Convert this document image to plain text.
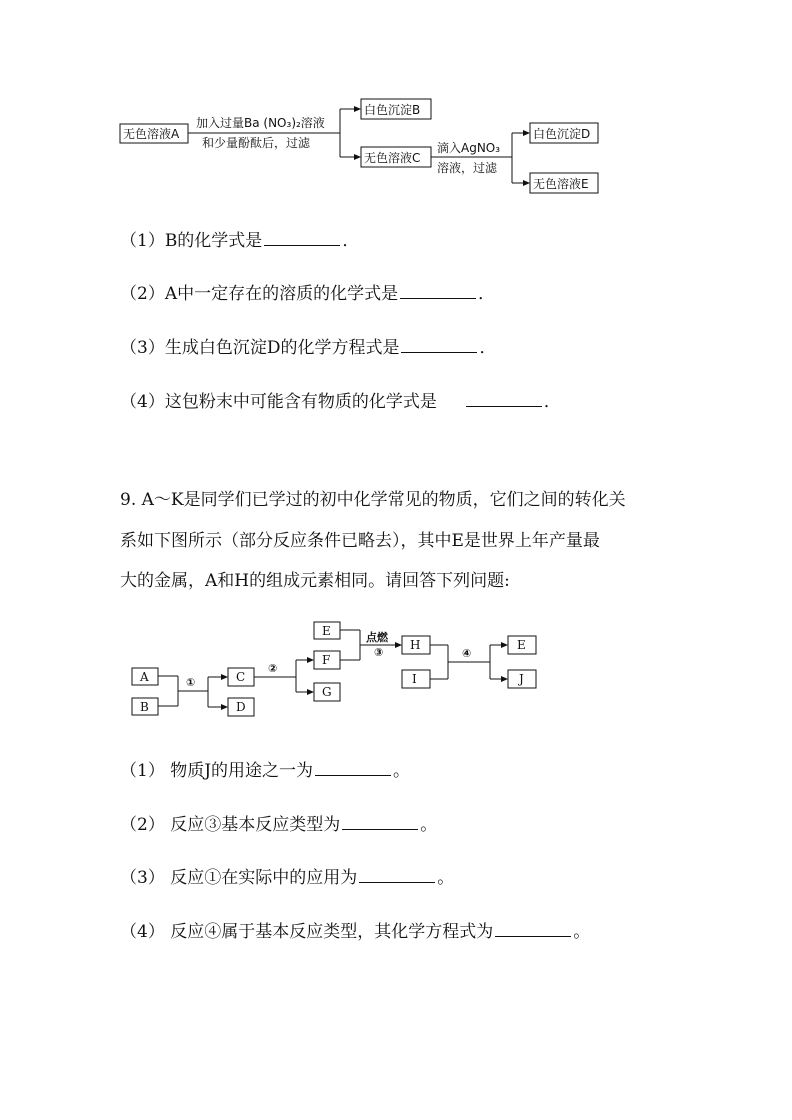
无色溶液A
加入过量Ba (NO₃)₂溶液
和少量酚酞后，过滤
白色沉淀B
无色溶液C
滴入AgNO₃
溶液，过滤
白色沉淀D
无色溶液E
（1）B的化学式是	．
（2）A中一定存在的溶质的化学式是	．
（3）生成白色沉淀D的化学方程式是	．
（4）这包粉末中可能含有物质的化学式是　	．
9. A～K是同学们已学过的初中化学常见的物质，它们之间的转化关
系如下图所示（部分反应条件已略去），其中E是世界上年产量最
大的金属，A和H的组成元素相同。请回答下列问题:
A
B
①	C
D
②
E
F
G
点燃
③
H
I
④
E
J
（1） 物质J的用途之一为	。
（2） 反应③基本反应类型为	。
（3） 反应①在实际中的应用为	。
（4） 反应④属于基本反应类型，其化学方程式为	。
